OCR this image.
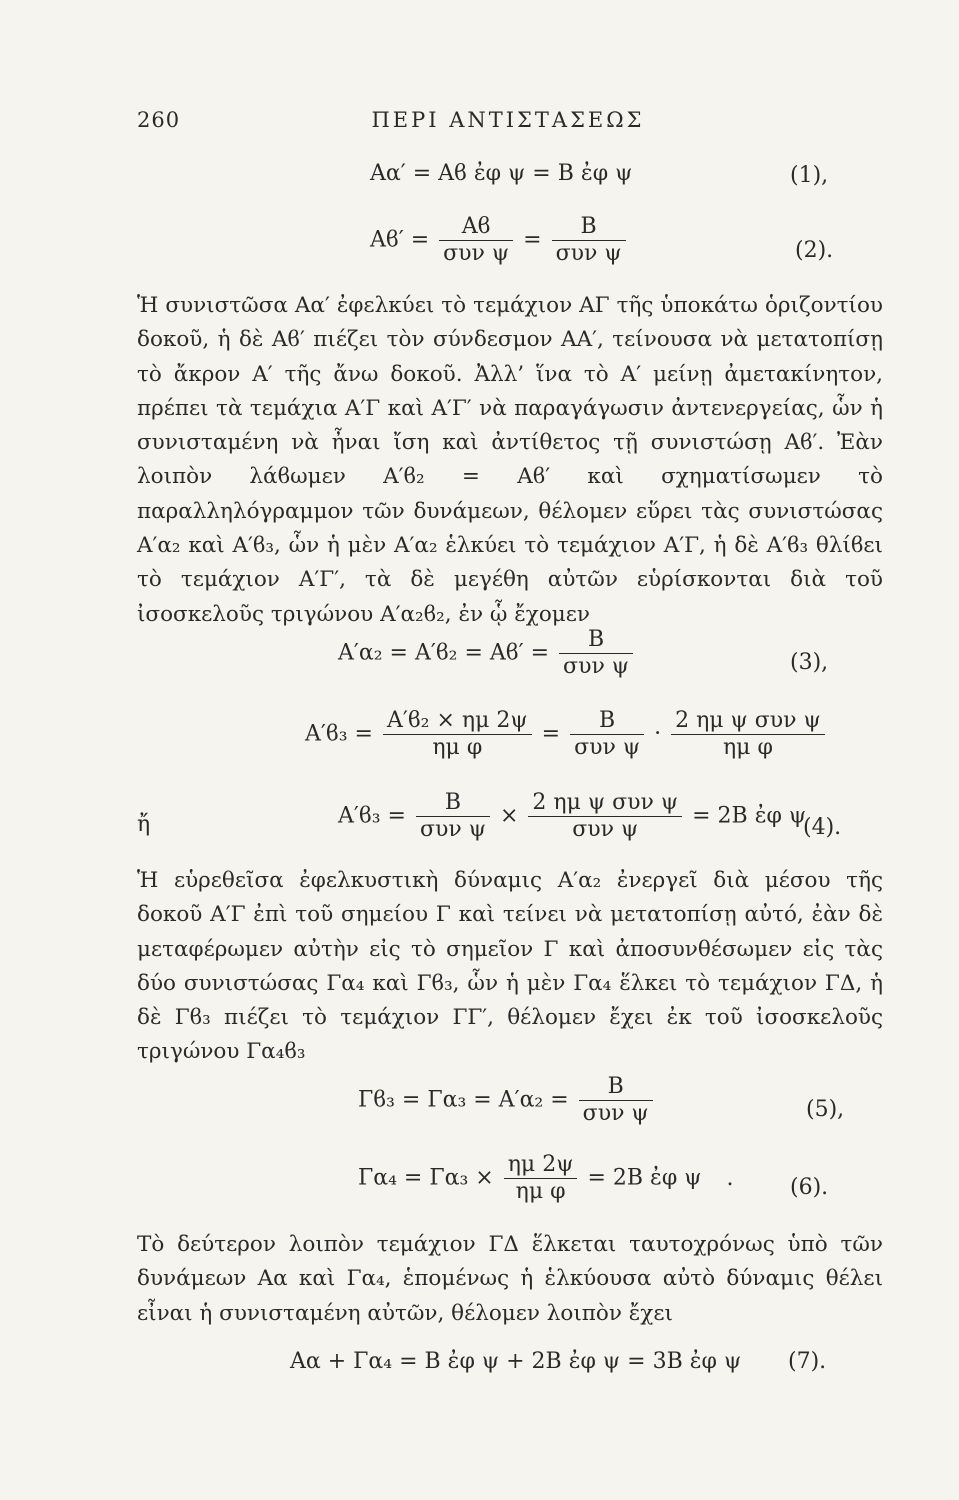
260	ΠΕΡΙ ΑΝΤΙΣΤΑΣΕΩΣ
Αα′ = Αϐ ἐφ ψ = Β ἐφ ψ	(1),
$Aϐ' = \frac{Aϐ}{\text{συν ψ}} = \frac{B}{\text{συν ψ}}$	(2).
Ἡ συνιστῶσα Αα′ ἐφελκύει τὸ τεμάχιον ΑΓ τῆς ὑποκάτω ὁριζοντίου δοκοῦ, ἡ δὲ Αϐ′ πιέζει τὸν σύνδεσμον ΑΑ′, τείνουσα νὰ μετατοπίσῃ τὸ ἄκρον Α′ τῆς ἄνω δοκοῦ. Ἀλλ’ ἵνα τὸ Α′ μείνῃ ἀμετακίνητον, πρέπει τὰ τεμάχια Α′Γ καὶ Α′Γ′ νὰ παραγάγωσιν ἀντενεργείας, ὧν ἡ συνισταμένη νὰ ἦναι ἴση καὶ ἀντίθετος τῇ συνιστώσῃ Αϐ′. Ἐὰν λοιπὸν λάϐωμεν Α′ϐ₂ = Αϐ′ καὶ σχηματίσωμεν τὸ παραλληλόγραμμον τῶν δυνάμεων, θέλομεν εὕρει τὰς συνιστώσας Α′α₂ καὶ Α′ϐ₃, ὧν ἡ μὲν Α′α₂ ἑλκύει τὸ τεμάχιον Α′Γ, ἡ δὲ Α′ϐ₃ θλίϐει τὸ τεμάχιον Α′Γ′, τὰ δὲ μεγέθη αὐτῶν εὑρίσκονται διὰ τοῦ ἰσοσκελοῦς τριγώνου Α′α₂ϐ₂, ἐν ᾧ ἔχομεν
$A'\alpha_2 = A'ϐ_2 = Aϐ' = \frac{B}{\text{συν ψ}}$	(3),
$A'ϐ_3 = \frac{\text{Α′ϐ₂ × ημ 2ψ}}{\text{ημ φ}} = \frac{B}{\text{συν ψ}} \cdot \frac{\text{2 ημ ψ συν ψ}}{\text{ημ φ}}$
ἤ	$A'ϐ_3 = \frac{B}{\text{συν ψ}} \times \frac{\text{2 ημ ψ συν ψ}}{\text{συν ψ}} = 2B$ ἐφ ψ
(4).
Ἡ εὑρεθεῖσα ἐφελκυστικὴ δύναμις Α′α₂ ἐνεργεῖ διὰ μέσου τῆς δοκοῦ Α′Γ ἐπὶ τοῦ σημείου Γ καὶ τείνει νὰ μετατοπίσῃ αὐτό, ἐὰν δὲ μεταφέρωμεν αὐτὴν εἰς τὸ σημεῖον Γ καὶ ἀποσυνθέσωμεν εἰς τὰς δύο συνιστώσας Γα₄ καὶ Γϐ₃, ὧν ἡ μὲν Γα₄ ἕλκει τὸ τεμάχιον ΓΔ, ἡ δὲ Γϐ₃ πιέζει τὸ τεμάχιον ΓΓ′, θέλομεν ἔχει ἐκ τοῦ ἰσοσκελοῦς τριγώνου Γα₄ϐ₃
$\Gamma ϐ_3 = \Gamma\alpha_3 = A'\alpha_2 = \frac{B}{\text{συν ψ}}$	(5),
$\Gamma\alpha_4 = \Gamma\alpha_3 \times \frac{\eta\mu 2\psi}{\text{ημ φ}} = 2B$ ἐφ ψ .	(6).
Τὸ δεύτερον λοιπὸν τεμάχιον ΓΔ ἕλκεται ταυτοχρόνως ὑπὸ τῶν δυνάμεων Αα καὶ Γα₄, ἑπομένως ἡ ἑλκύουσα αὐτὸ δύναμις θέλει εἶναι ἡ συνισταμένη αὐτῶν, θέλομεν λοιπὸν ἔχει
Αα + Γα₄ = Β ἐφ ψ + 2Β ἐφ ψ = 3Β ἐφ ψ (7).
